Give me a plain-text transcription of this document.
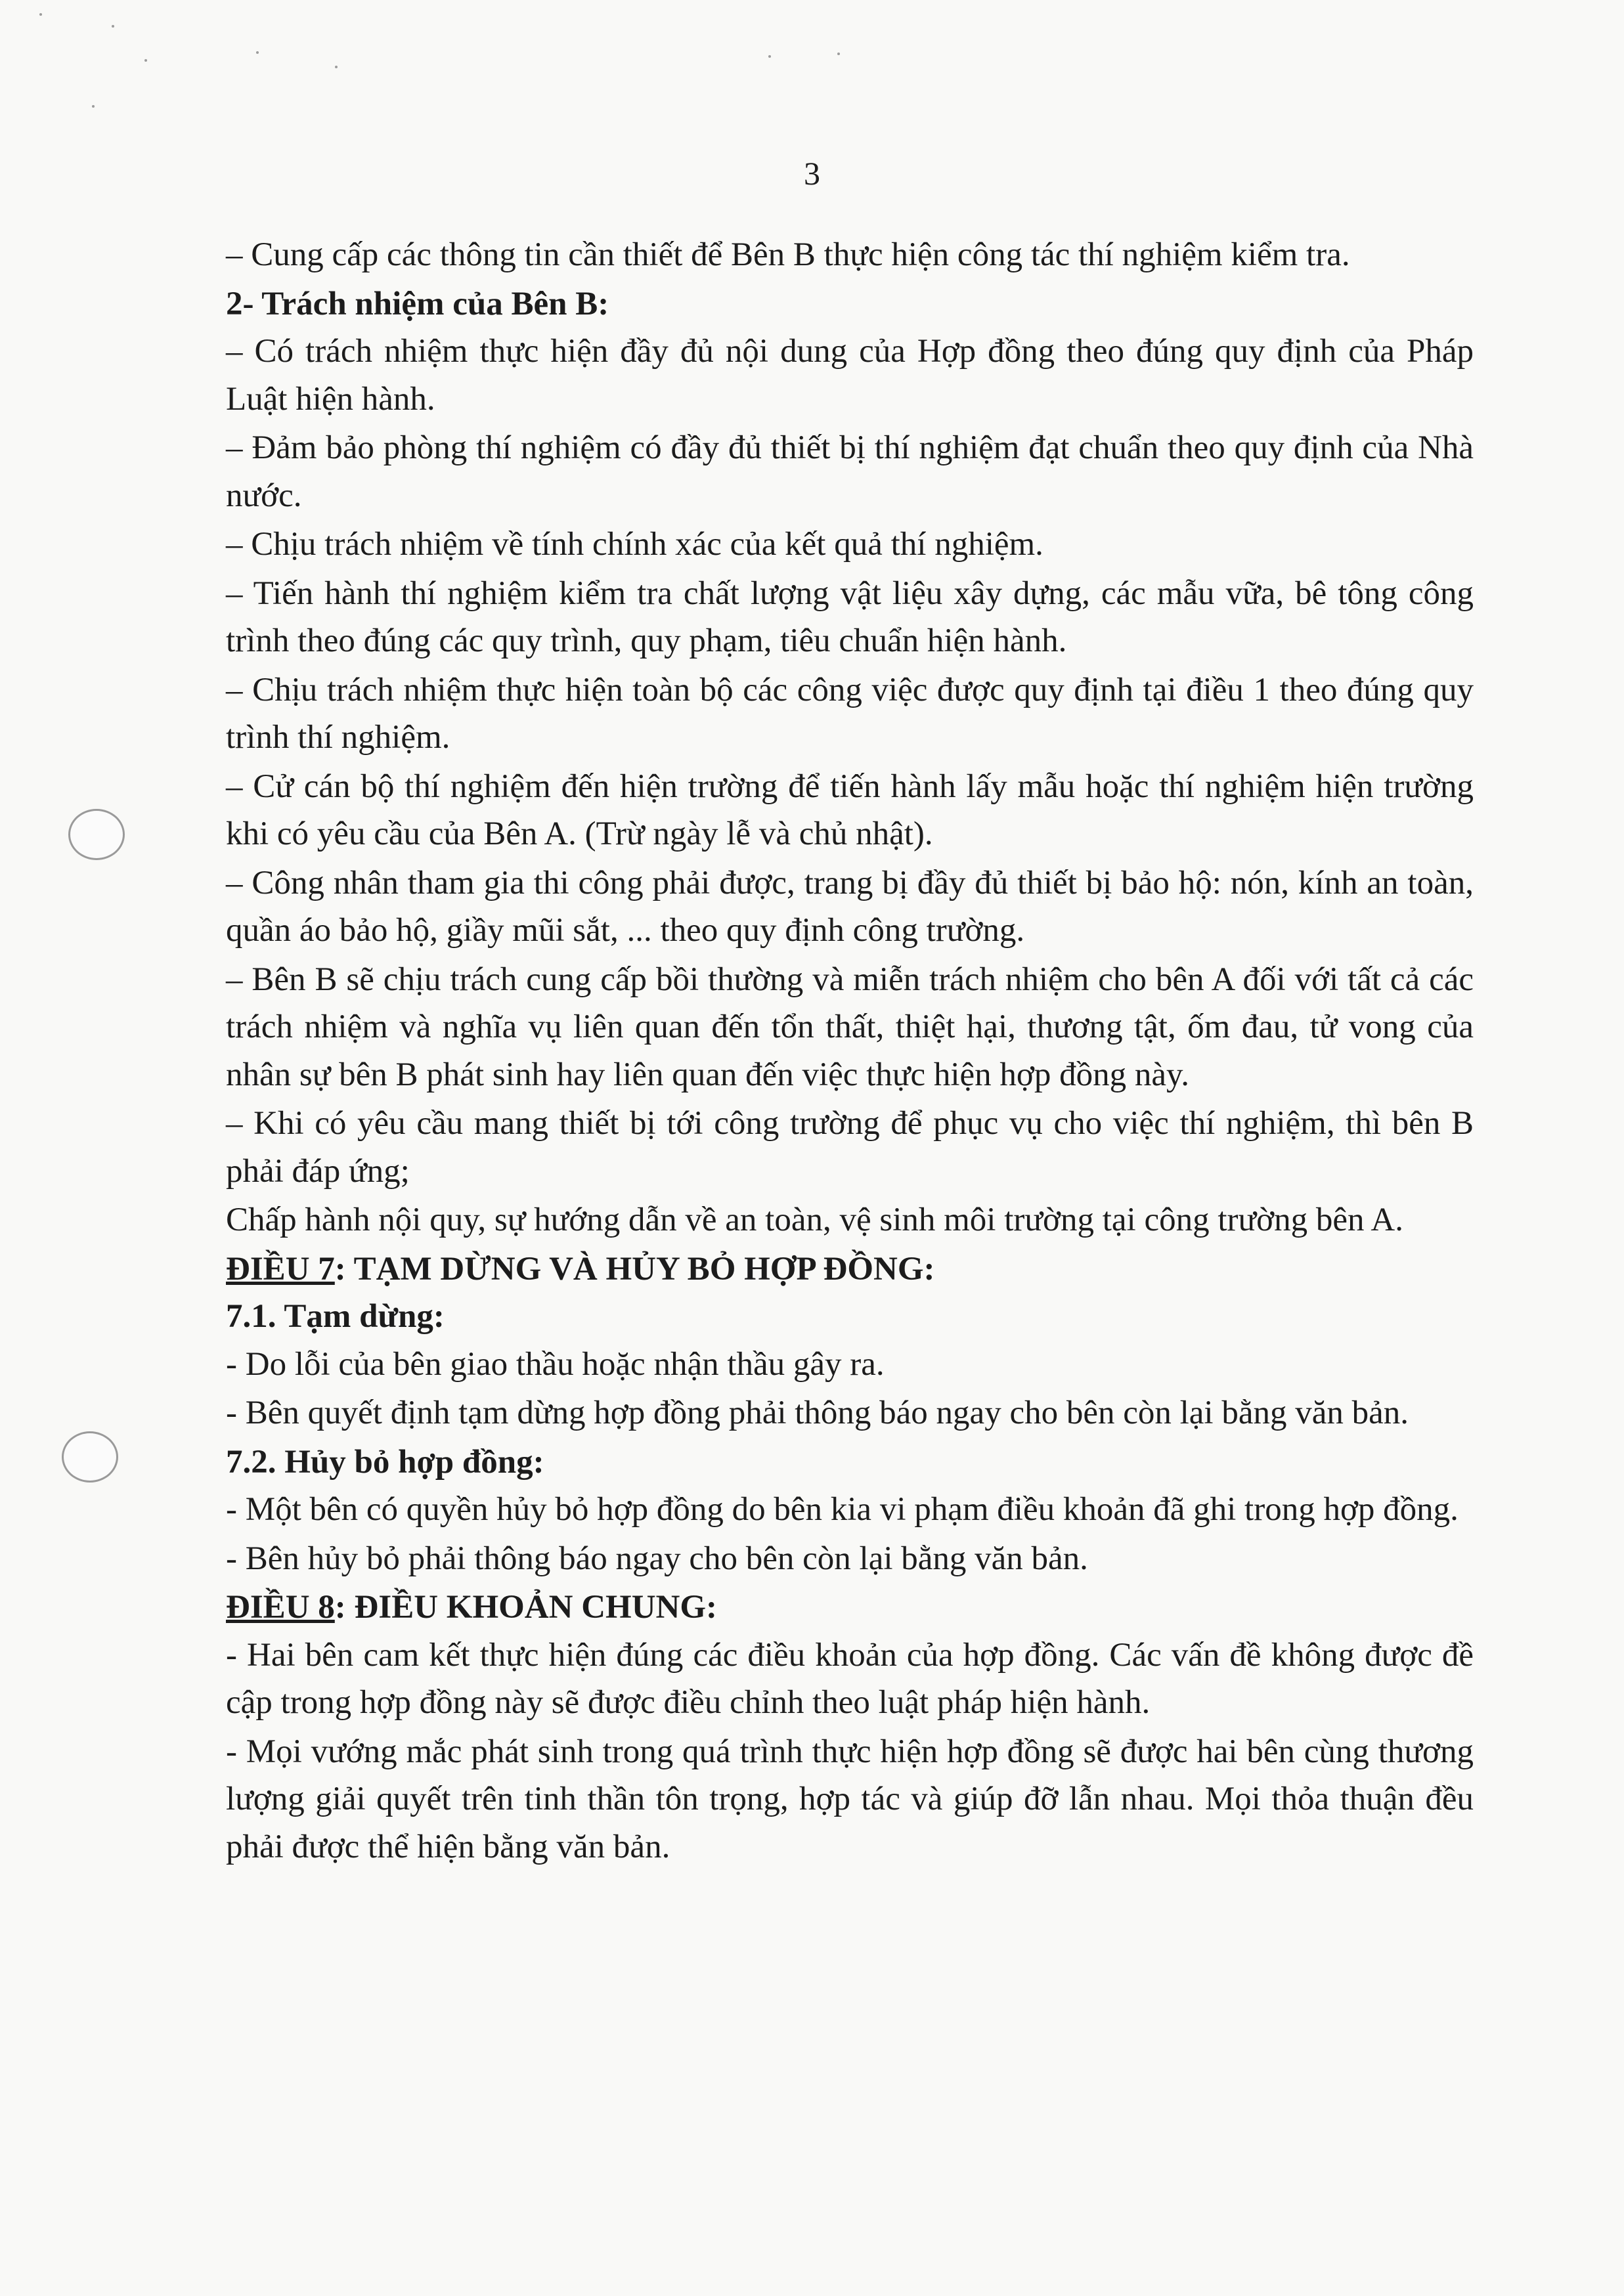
3

– Cung cấp các thông tin cần thiết để Bên B thực hiện công tác thí nghiệm kiểm tra.

2- Trách nhiệm của Bên B:

– Có trách nhiệm thực hiện đầy đủ nội dung của Hợp đồng theo đúng quy định của Pháp Luật hiện hành.

– Đảm bảo phòng thí nghiệm có đầy đủ thiết bị thí nghiệm đạt chuẩn theo quy định của Nhà nước.

– Chịu trách nhiệm về tính chính xác của kết quả thí nghiệm.

– Tiến hành thí nghiệm kiểm tra chất lượng vật liệu xây dựng, các mẫu vữa, bê tông công trình theo đúng các quy trình, quy phạm, tiêu chuẩn hiện hành.

– Chịu trách nhiệm thực hiện toàn bộ các công việc được quy định tại điều 1 theo đúng quy trình thí nghiệm.

– Cử cán bộ thí nghiệm đến hiện trường để tiến hành lấy mẫu hoặc thí nghiệm hiện trường khi có yêu cầu của Bên A. (Trừ ngày lễ và chủ nhật).

– Công nhân tham gia thi công phải được, trang bị đầy đủ thiết bị bảo hộ: nón, kính an toàn, quần áo bảo hộ, giầy mũi sắt, ... theo quy định công trường.

– Bên B sẽ chịu trách cung cấp bồi thường và miễn trách nhiệm cho bên A đối với tất cả các trách nhiệm và nghĩa vụ liên quan đến tổn thất, thiệt hại, thương tật, ốm đau, tử vong của nhân sự bên B phát sinh hay liên quan đến việc thực hiện hợp đồng này.

– Khi có yêu cầu mang thiết bị tới công trường để phục vụ cho việc thí nghiệm, thì bên B phải đáp ứng;

Chấp hành nội quy, sự hướng dẫn về an toàn, vệ sinh môi trường tại công trường bên A.

ĐIỀU 7: TẠM DỪNG VÀ HỦY BỎ HỢP ĐỒNG:

7.1. Tạm dừng:

- Do lỗi của bên giao thầu hoặc nhận thầu gây ra.

- Bên quyết định tạm dừng hợp đồng phải thông báo ngay cho bên còn lại bằng văn bản.

7.2. Hủy bỏ hợp đồng:

- Một bên có quyền hủy bỏ hợp đồng do bên kia vi phạm điều khoản đã ghi trong hợp đồng.

- Bên hủy bỏ phải thông báo ngay cho bên còn lại bằng văn bản.

ĐIỀU 8: ĐIỀU KHOẢN CHUNG:

- Hai bên cam kết thực hiện đúng các điều khoản của hợp đồng. Các vấn đề không được đề cập trong hợp đồng này sẽ được điều chỉnh theo luật pháp hiện hành.

- Mọi vướng mắc phát sinh trong quá trình thực hiện hợp đồng sẽ được hai bên cùng thương lượng giải quyết trên tinh thần tôn trọng, hợp tác và giúp đỡ lẫn nhau. Mọi thỏa thuận đều phải được thể hiện bằng văn bản.
